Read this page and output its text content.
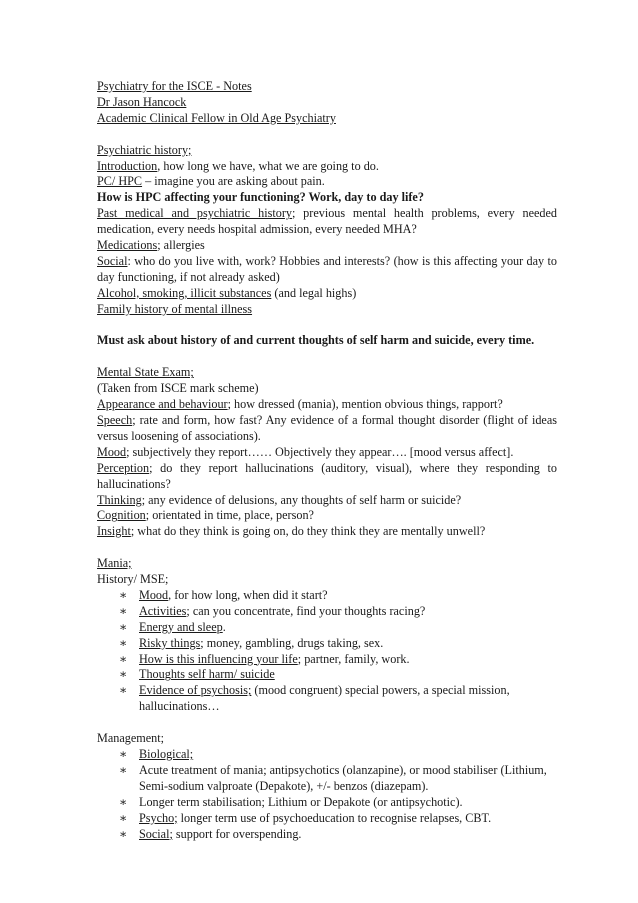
Psychiatry for the ISCE - Notes
Dr Jason Hancock
Academic Clinical Fellow in Old Age Psychiatry
Psychiatric history;
Introduction, how long we have, what we are going to do.
PC/ HPC – imagine you are asking about pain.
How is HPC affecting your functioning? Work, day to day life?
Past medical and psychiatric history; previous mental health problems, every needed medication, every needs hospital admission, every needed MHA?
Medications; allergies
Social: who do you live with, work? Hobbies and interests? (how is this affecting your day to day functioning, if not already asked)
Alcohol, smoking, illicit substances (and legal highs)
Family history of mental illness
Must ask about history of and current thoughts of self harm and suicide, every time.
Mental State Exam;
(Taken from ISCE mark scheme)
Appearance and behaviour; how dressed (mania), mention obvious things, rapport?
Speech; rate and form, how fast? Any evidence of a formal thought disorder (flight of ideas versus loosening of associations).
Mood; subjectively they report…… Objectively they appear…. [mood versus affect].
Perception; do they report hallucinations (auditory, visual), where they responding to hallucinations?
Thinking; any evidence of delusions, any thoughts of self harm or suicide?
Cognition; orientated in time, place, person?
Insight; what do they think is going on, do they think they are mentally unwell?
Mania;
History/ MSE;
∗ Mood, for how long, when did it start?
∗ Activities; can you concentrate, find your thoughts racing?
∗ Energy and sleep.
∗ Risky things; money, gambling, drugs taking, sex.
∗ How is this influencing your life; partner, family, work.
∗ Thoughts self harm/ suicide
∗ Evidence of psychosis; (mood congruent) special powers, a special mission, hallucinations…
Management;
∗ Biological;
∗ Acute treatment of mania; antipsychotics (olanzapine), or mood stabiliser (Lithium, Semi-sodium valproate (Depakote), +/- benzos (diazepam).
∗ Longer term stabilisation; Lithium or Depakote (or antipsychotic).
∗ Psycho; longer term use of psychoeducation to recognise relapses, CBT.
∗ Social; support for overspending.
